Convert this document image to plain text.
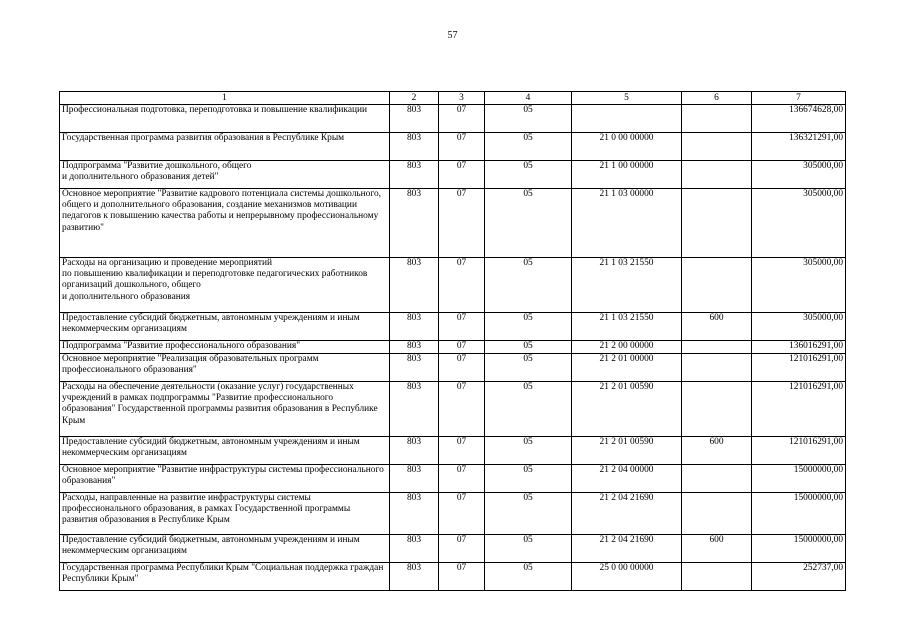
57
1	2	3	4	5	6	7
Профессиональная подготовка, переподготовка и повышение квалификации	803	07	05			136674628,00
Государственная программа развития образования в Республике Крым	803	07	05	21 0 00 00000		136321291,00
Подпрограмма "Развитие дошкольного, общего
и дополнительного образования детей"	803	07	05	21 1 00 00000		305000,00
Основное мероприятие "Развитие кадрового потенциала системы дошкольного, общего и дополнительного образования, создание механизмов мотивации педагогов к повышению качества работы и непрерывному профессиональному развитию"	803	07	05	21 1 03 00000		305000,00
Расходы на организацию и проведение мероприятий
по повышению квалификации и переподготовке педагогических работников организаций дошкольного, общего
и дополнительного образования	803	07	05	21 1 03 21550		305000,00
Предоставление субсидий бюджетным, автономным учреждениям и иным некоммерческим организациям	803	07	05	21 1 03 21550	600	305000,00
Подпрограмма "Развитие профессионального образования"	803	07	05	21 2 00 00000		136016291,00
Основное мероприятие "Реализация образовательных программ профессионального образования"	803	07	05	21 2 01 00000		121016291,00
Расходы на обеспечение деятельности (оказание услуг) государственных учреждений в рамках подпрограммы "Развитие профессионального образования" Государственной программы развития образования в Республике Крым	803	07	05	21 2 01 00590		121016291,00
Предоставление субсидий бюджетным, автономным учреждениям и иным некоммерческим организациям	803	07	05	21 2 01 00590	600	121016291,00
Основное мероприятие "Развитие инфраструктуры системы профессионального образования"	803	07	05	21 2 04 00000		15000000,00
Расходы, направленные на развитие инфраструктуры системы профессионального образования, в рамках Государственной программы развития образования в Республике Крым	803	07	05	21 2 04 21690		15000000,00
Предоставление субсидий бюджетным, автономным учреждениям и иным некоммерческим организациям	803	07	05	21 2 04 21690	600	15000000,00
Государственная программа Республики Крым "Социальная поддержка граждан Республики Крым"	803	07	05	25 0 00 00000		252737,00
